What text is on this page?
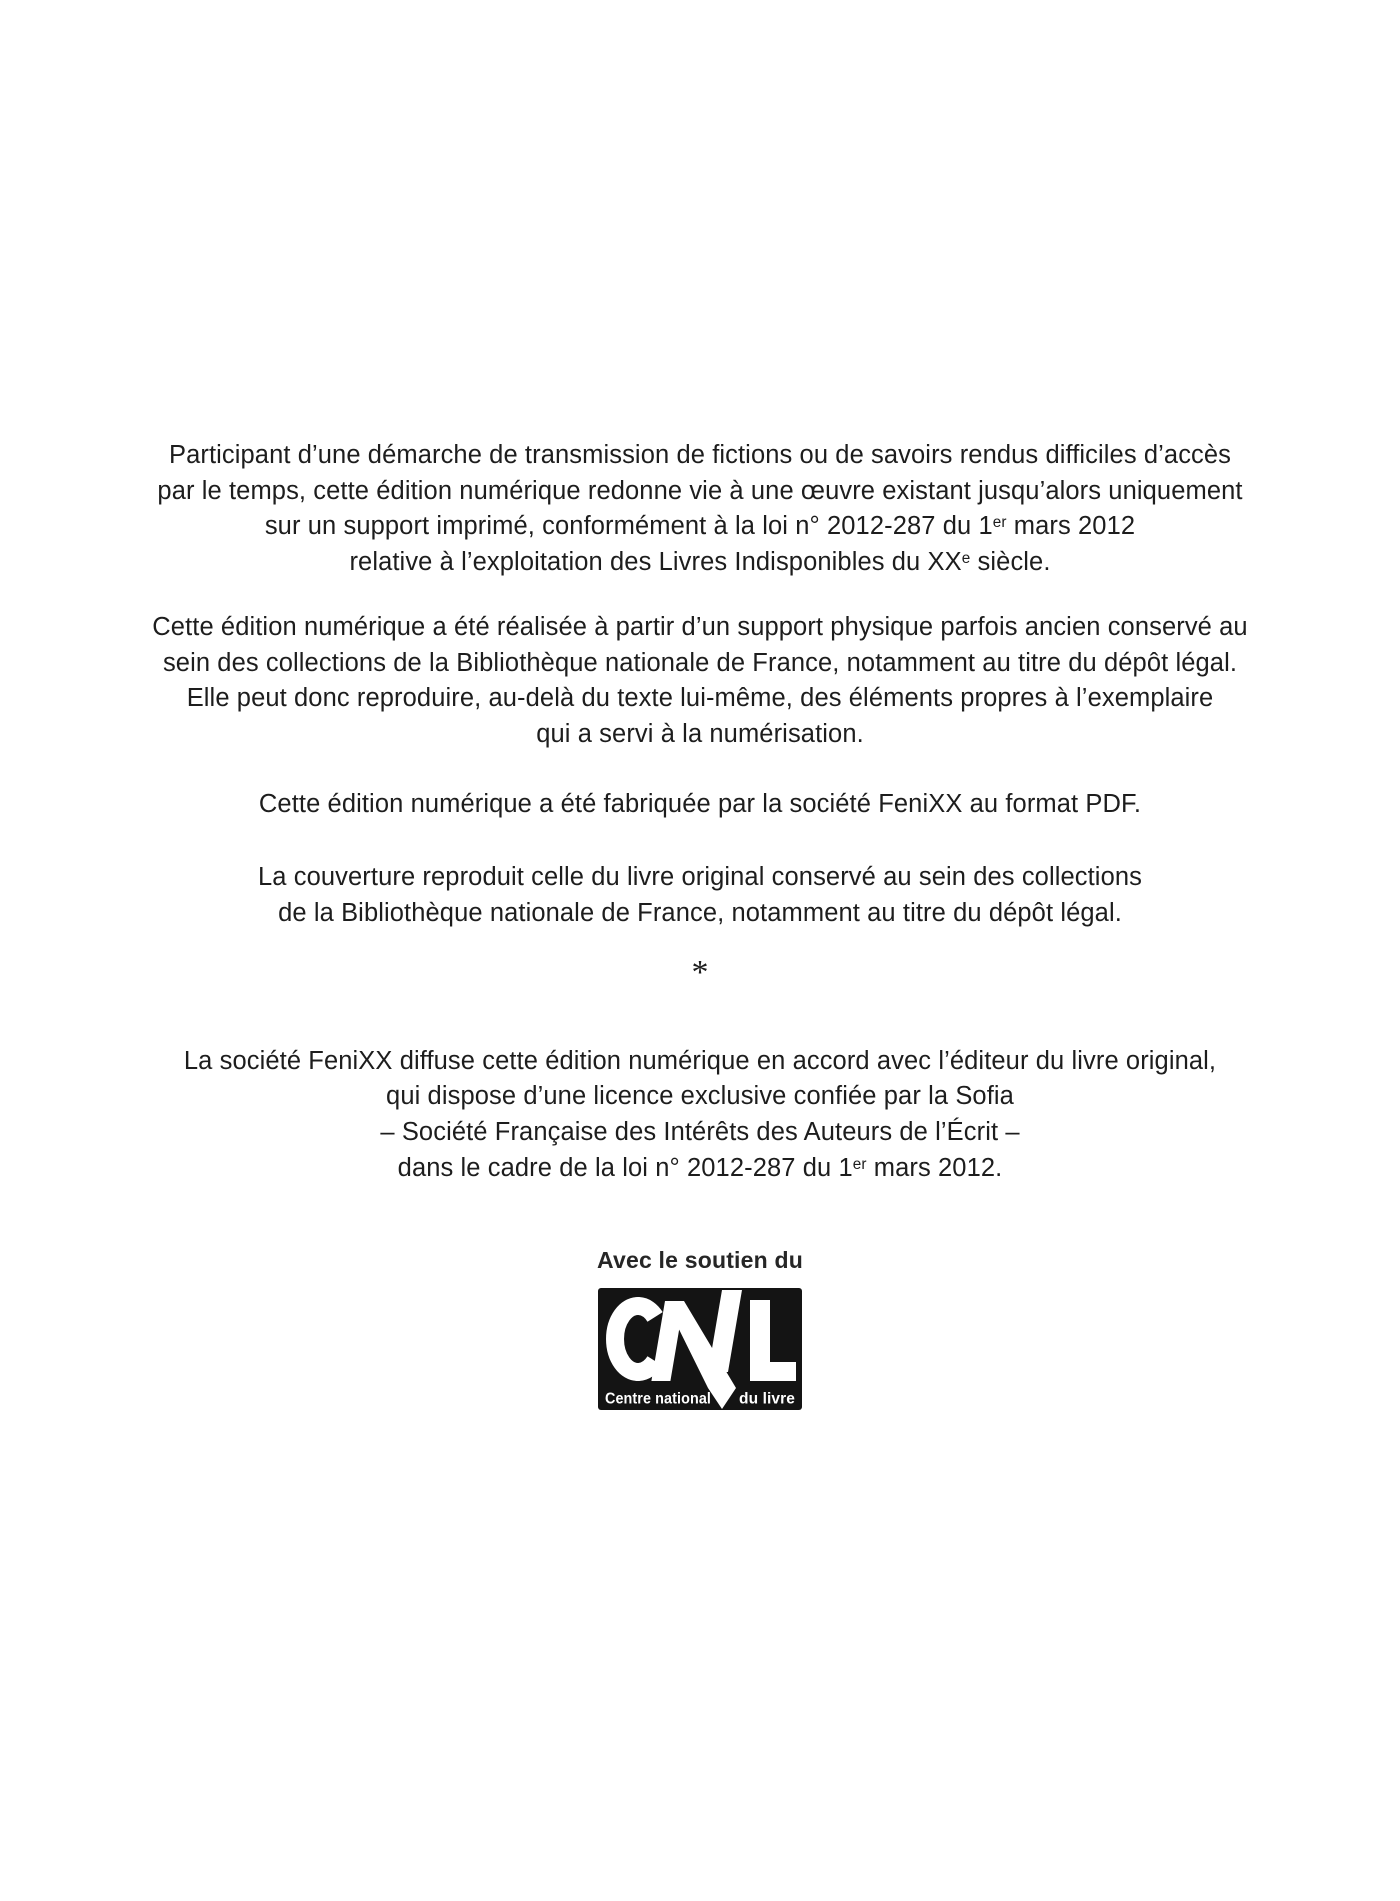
Participant d’une démarche de transmission de fictions ou de savoirs rendus difficiles d’accès
par le temps, cette édition numérique redonne vie à une œuvre existant jusqu’alors uniquement
sur un support imprimé, conformément à la loi n° 2012-287 du 1er mars 2012
relative à l’exploitation des Livres Indisponibles du XXe siècle.

Cette édition numérique a été réalisée à partir d’un support physique parfois ancien conservé au
sein des collections de la Bibliothèque nationale de France, notamment au titre du dépôt légal.
Elle peut donc reproduire, au-delà du texte lui-même, des éléments propres à l’exemplaire
qui a servi à la numérisation.

Cette édition numérique a été fabriquée par la société FeniXX au format PDF.

La couverture reproduit celle du livre original conservé au sein des collections
de la Bibliothèque nationale de France, notamment au titre du dépôt légal.

*

La société FeniXX diffuse cette édition numérique en accord avec l’éditeur du livre original,
qui dispose d’une licence exclusive confiée par la Sofia
– Société Française des Intérêts des Auteurs de l’Écrit –
dans le cadre de la loi n° 2012-287 du 1er mars 2012.

Avec le soutien du

Centre national du livre
